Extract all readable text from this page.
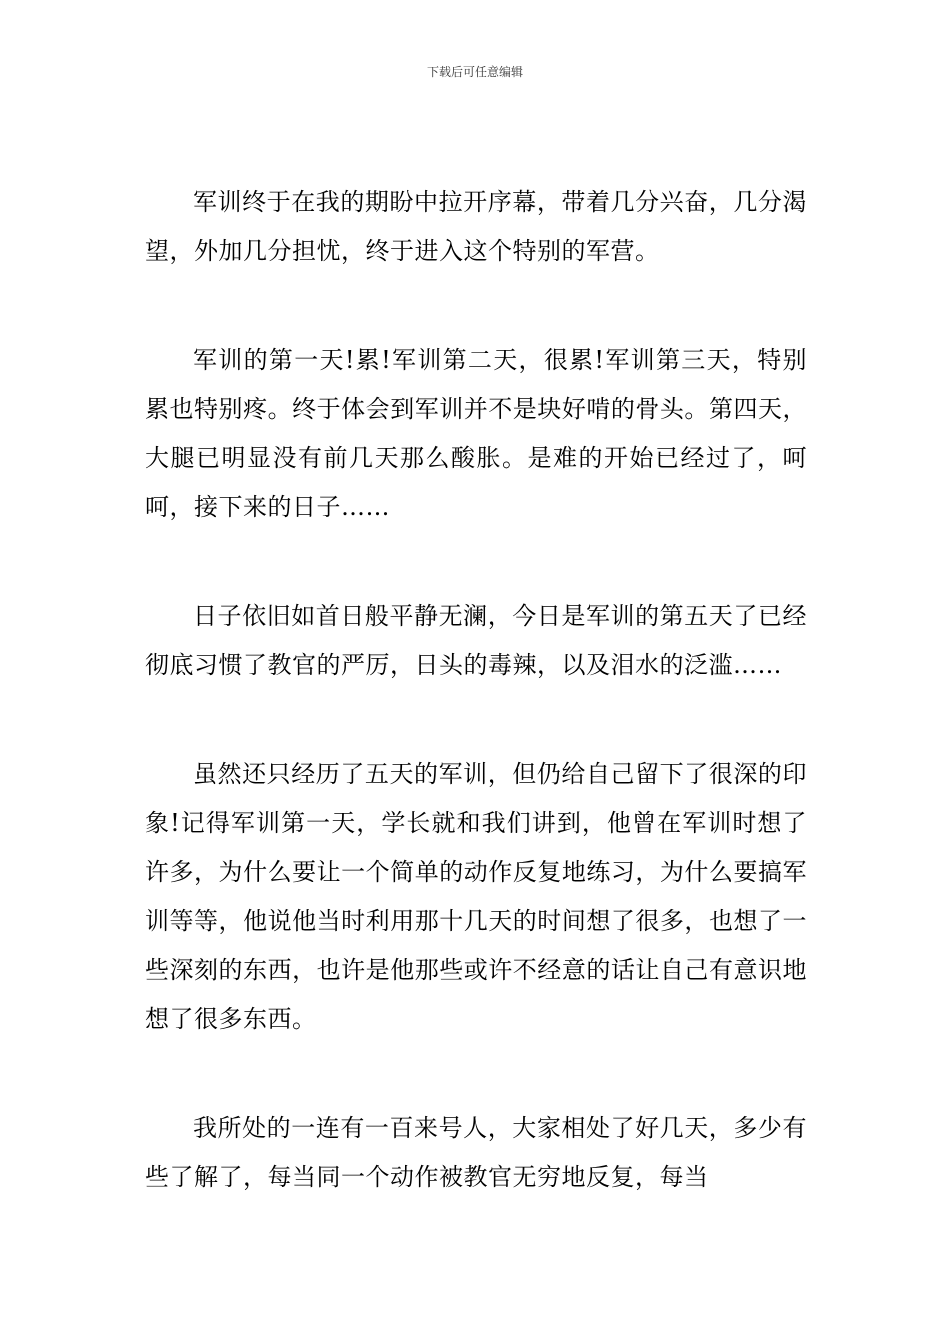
下载后可任意编辑

军训终于在我的期盼中拉开序幕，带着几分兴奋，几分渴望，外加几分担忧，终于进入这个特别的军营。

军训的第一天!累!军训第二天，很累!军训第三天，特别累也特别疼。终于体会到军训并不是块好啃的骨头。第四天，大腿已明显没有前几天那么酸胀。是难的开始已经过了，呵呵，接下来的日子……

日子依旧如首日般平静无澜，今日是军训的第五天了已经彻底习惯了教官的严厉，日头的毒辣，以及泪水的泛滥……

虽然还只经历了五天的军训，但仍给自己留下了很深的印象!记得军训第一天，学长就和我们讲到，他曾在军训时想了许多，为什么要让一个简单的动作反复地练习，为什么要搞军训等等，他说他当时利用那十几天的时间想了很多，也想了一些深刻的东西，也许是他那些或许不经意的话让自己有意识地想了很多东西。

我所处的一连有一百来号人，大家相处了好几天，多少有些了解了，每当同一个动作被教官无穷地反复，每当
